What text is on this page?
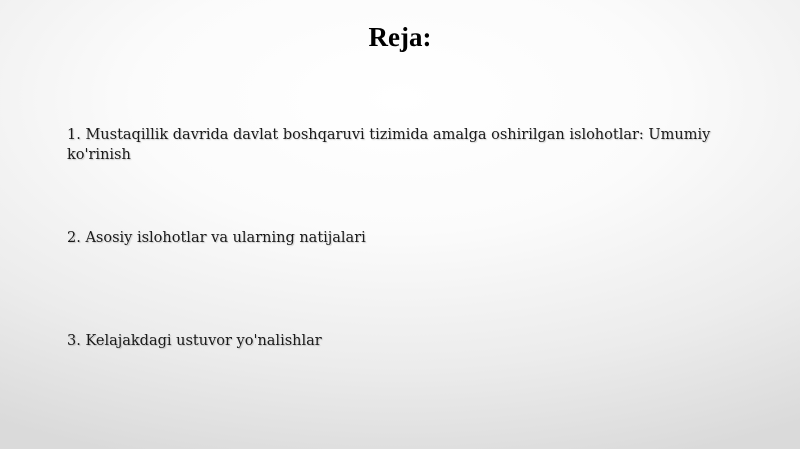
Reja:
1. Mustaqillik davrida davlat boshqaruvi tizimida amalga oshirilgan islohotlar: Umumiy ko'rinish
2. Asosiy islohotlar va ularning natijalari
3. Kelajakdagi ustuvor yo'nalishlar
